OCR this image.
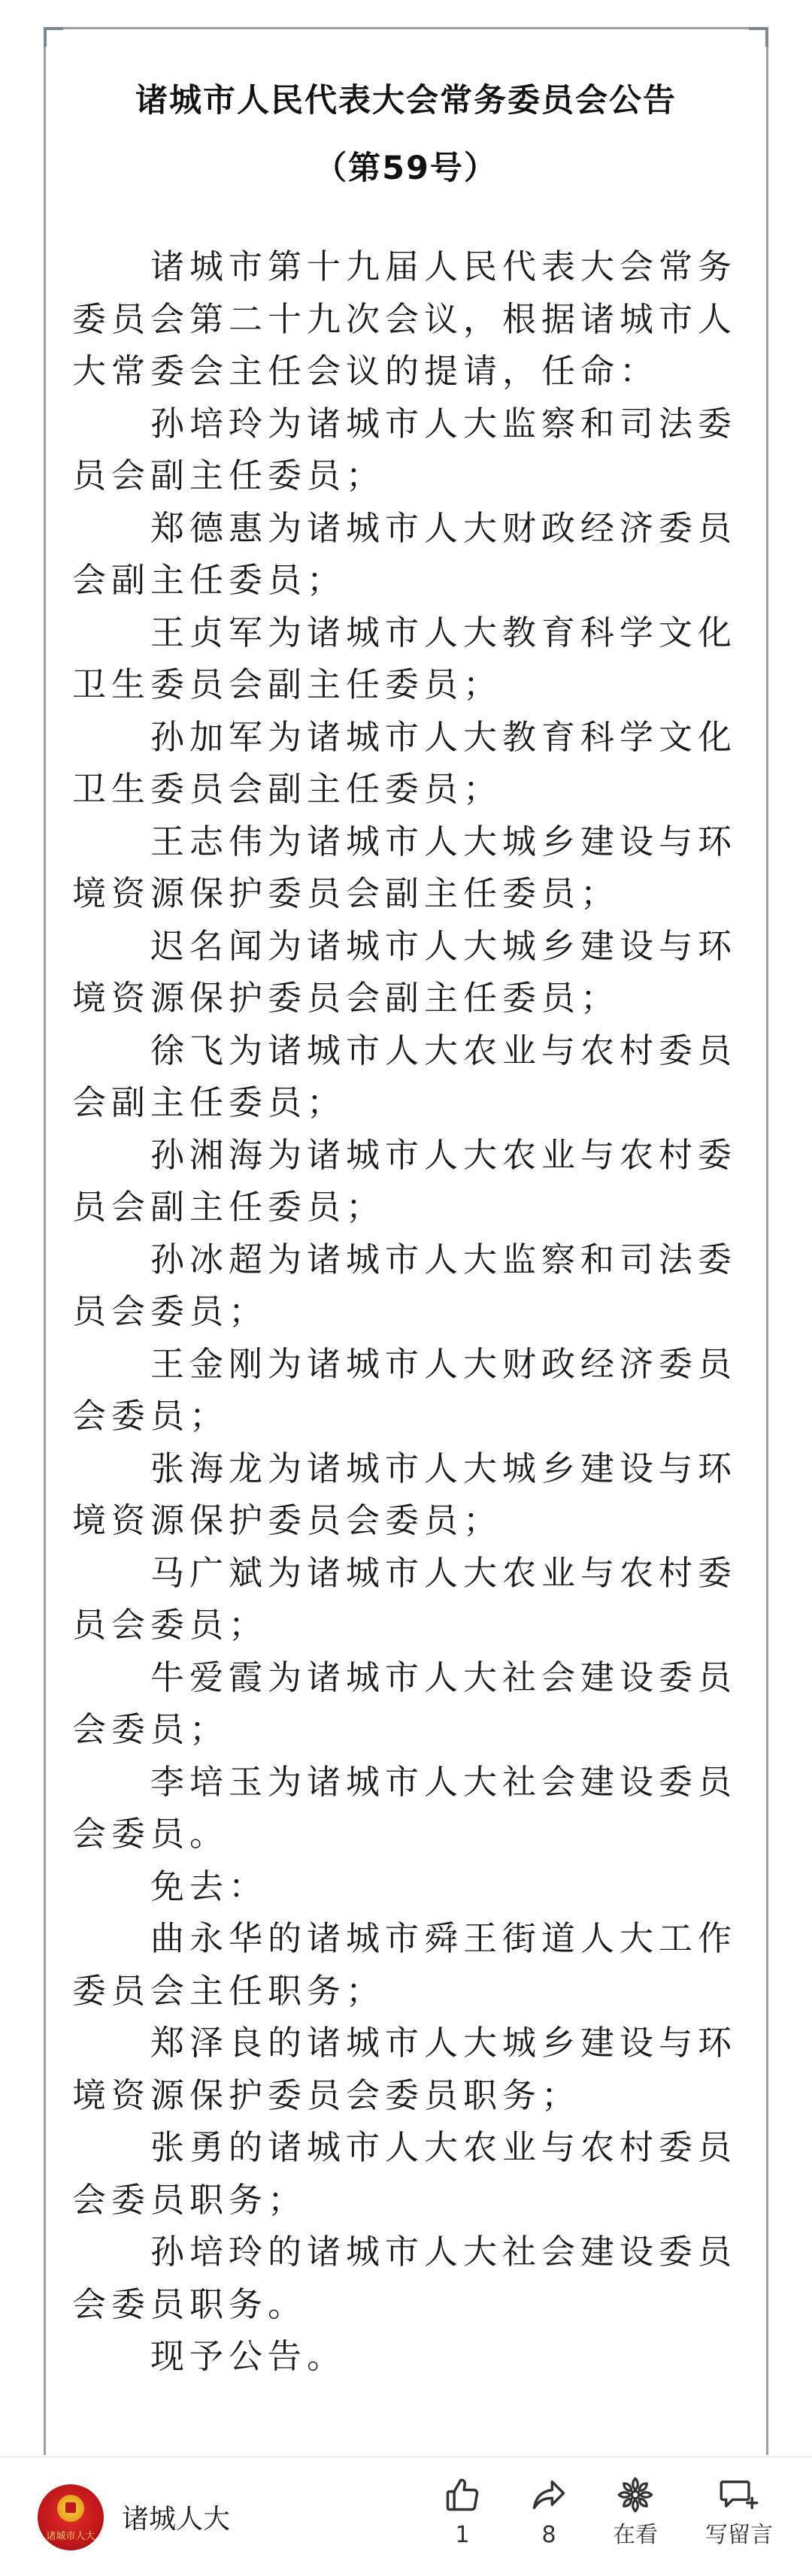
诸城市人民代表大会常务委员会公告
（第59号）

诸城市第十九届人民代表大会常务委员会第二十九次会议，根据诸城市人大常委会主任会议的提请，任命：

孙培玲为诸城市人大监察和司法委员会副主任委员；

郑德惠为诸城市人大财政经济委员会副主任委员；

王贞军为诸城市人大教育科学文化卫生委员会副主任委员；

孙加军为诸城市人大教育科学文化卫生委员会副主任委员；

王志伟为诸城市人大城乡建设与环境资源保护委员会副主任委员；

迟名闻为诸城市人大城乡建设与环境资源保护委员会副主任委员；

徐飞为诸城市人大农业与农村委员会副主任委员；

孙湘海为诸城市人大农业与农村委员会副主任委员；

孙冰超为诸城市人大监察和司法委员会委员；

王金刚为诸城市人大财政经济委员会委员；

张海龙为诸城市人大城乡建设与环境资源保护委员会委员；

马广斌为诸城市人大农业与农村委员会委员；

牛爱霞为诸城市人大社会建设委员会委员；

李培玉为诸城市人大社会建设委员会委员。

免去：

曲永华的诸城市舜王街道人大工作委员会主任职务；

郑泽良的诸城市人大城乡建设与环境资源保护委员会委员职务；

张勇的诸城市人大农业与农村委员会委员职务；

孙培玲的诸城市人大社会建设委员会委员职务。

现予公告。

诸城市人大
诸城人大
1	8	在看	写留言
